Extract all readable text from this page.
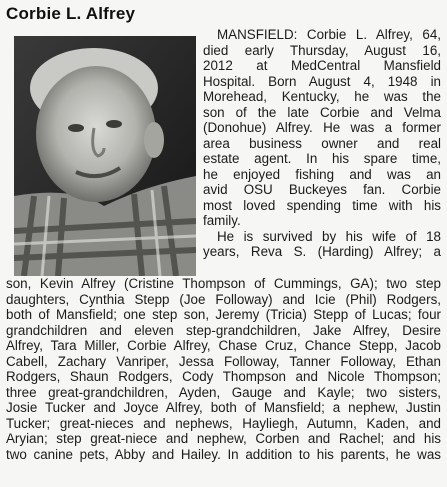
Corbie L. Alfrey
MANSFIELD: Corbie L. Alfrey, 64,
died early Thursday, August 16,
2012 at MedCentral Mansfield
Hospital. Born August 4, 1948 in
Morehead, Kentucky, he was the
son of the late Corbie and Velma
(Donohue) Alfrey. He was a former
area business owner and real
estate agent. In his spare time,
he enjoyed fishing and was an
avid OSU Buckeyes fan. Corbie
most loved spending time with his
family.
He is survived by his wife of 18
years, Reva S. (Harding) Alfrey; a
son, Kevin Alfrey (Cristine Thompson of Cummings, GA); two step
daughters, Cynthia Stepp (Joe Followay) and Icie (Phil) Rodgers,
both of Mansfield; one step son, Jeremy (Tricia) Stepp of Lucas; four
grandchildren and eleven step-grandchildren, Jake Alfrey, Desire
Alfrey, Tara Miller, Corbie Alfrey, Chase Cruz, Chance Stepp, Jacob
Cabell, Zachary Vanriper, Jessa Followay, Tanner Followay, Ethan
Rodgers, Shaun Rodgers, Cody Thompson and Nicole Thompson;
three great-grandchildren, Ayden, Gauge and Kayle; two sisters,
Josie Tucker and Joyce Alfrey, both of Mansfield; a nephew, Justin
Tucker; great-nieces and nephews, Hayliegh, Autumn, Kaden, and
Aryian; step great-niece and nephew, Corben and Rachel; and his
two canine pets, Abby and Hailey. In addition to his parents, he was
